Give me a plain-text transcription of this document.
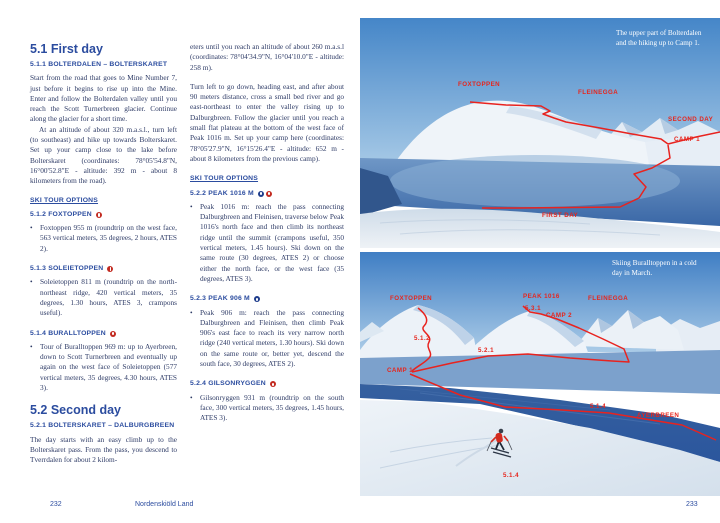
5.1 First day
5.1.1 BOLTERDALEN – BOLTERSKARET

Start from the road that goes to Mine Number 7, just before it begins to rise up into the Mine. Enter and follow the Bolterdalen valley until you reach the Scott Turnerbreen glacier. Continue along the glacier for a short time.

At an altitude of about 320 m.a.s.l., turn left (to southeast) and hike up towards Bolterskaret. Set up your camp close to the lake before Bolterskaret (coordinates: 78°05'54.8"N, 16°00'52.8"E - altitude: 392 m - about 8 kilometers from the road).

SKI TOUR OPTIONS
5.1.2 FOXTOPPEN
•	Foxtoppen 955 m (roundtrip on the west face, 563 vertical meters, 35 degrees, 2 hours, ATES 2).
5.1.3 SOLEIETOPPEN
•	Soleietoppen 811 m (roundtrip on the north-northeast ridge, 420 vertical meters, 35 degrees, 1.30 hours, ATES 3, crampons useful).
5.1.4 BURALLTOPPEN
•	Tour of Buralltoppen 969 m: up to Ayerbreen, down to Scott Turnerbreen and eventually up again on the west face of Soleietoppen (577 vertical meters, 35 degrees, 4.30 hours, ATES 3).
5.2 Second day
5.2.1 BOLTERSKARET – DALBURGBREEN

The day starts with an easy climb up to the Bolterskaret pass. From the pass, you descend to Tverrdalen for about 2 kilom-

eters until you reach an altitude of about 260 m.a.s.l (coordinates: 78°04'34.9"N, 16°04'10.0"E - altitude: 258 m).

Turn left to go down, heading east, and after about 90 meters distance, cross a small bed river and go east-northeast to enter the valley rising up to Dalburgbreen. Follow the glacier until you reach a small flat plateau at the bottom of the west face of Peak 1016 m. Set up your camp here (coordinates: 78°05'27.9"N, 16°15'26.4"E - altitude: 652 m - about 8 kilometers from the previous camp).

SKI TOUR OPTIONS
5.2.2 PEAK 1016 M
•	Peak 1016 m: reach the pass connecting Dalburgbreen and Fleinisen, traverse below Peak 1016's north face and then climb its northeast ridge until the summit (crampons useful, 350 vertical meters, 1.45 hours). Ski down on the same route (30 degrees, ATES 2) or choose either the north face, or the west face (35 degrees, ATES 3).
5.2.3 PEAK 906 M
•	Peak 906 m: reach the pass connecting Dalburgbreen and Fleinisen, then climb Peak 906's east face to reach its very narrow north ridge (240 vertical meters, 1.30 hours). Ski down on the same route or, better yet, descend the south face, 30 degrees, ATES 2).
5.2.4 GILSONRYGGEN
•	Gilsonryggen 931 m (roundtrip on the south face, 300 vertical meters, 35 degrees, 1.45 hours, ATES 3).
The upper part of Bolterdalen and the hiking up to Camp 1.
FOXTOPPEN
FLEINEGGA
SECOND DAY
CAMP 1
FIRST DAY
Skiing Buralltoppen in a cold day in March.
FOXTOPPEN	PEAK 1016	FLEINEGGA
5.3.1
CAMP 2
5.1.2
5.2.1
CAMP 1
5.1.4
AYERBREEN
5.1.4
232	Nordenskiöld Land	233
